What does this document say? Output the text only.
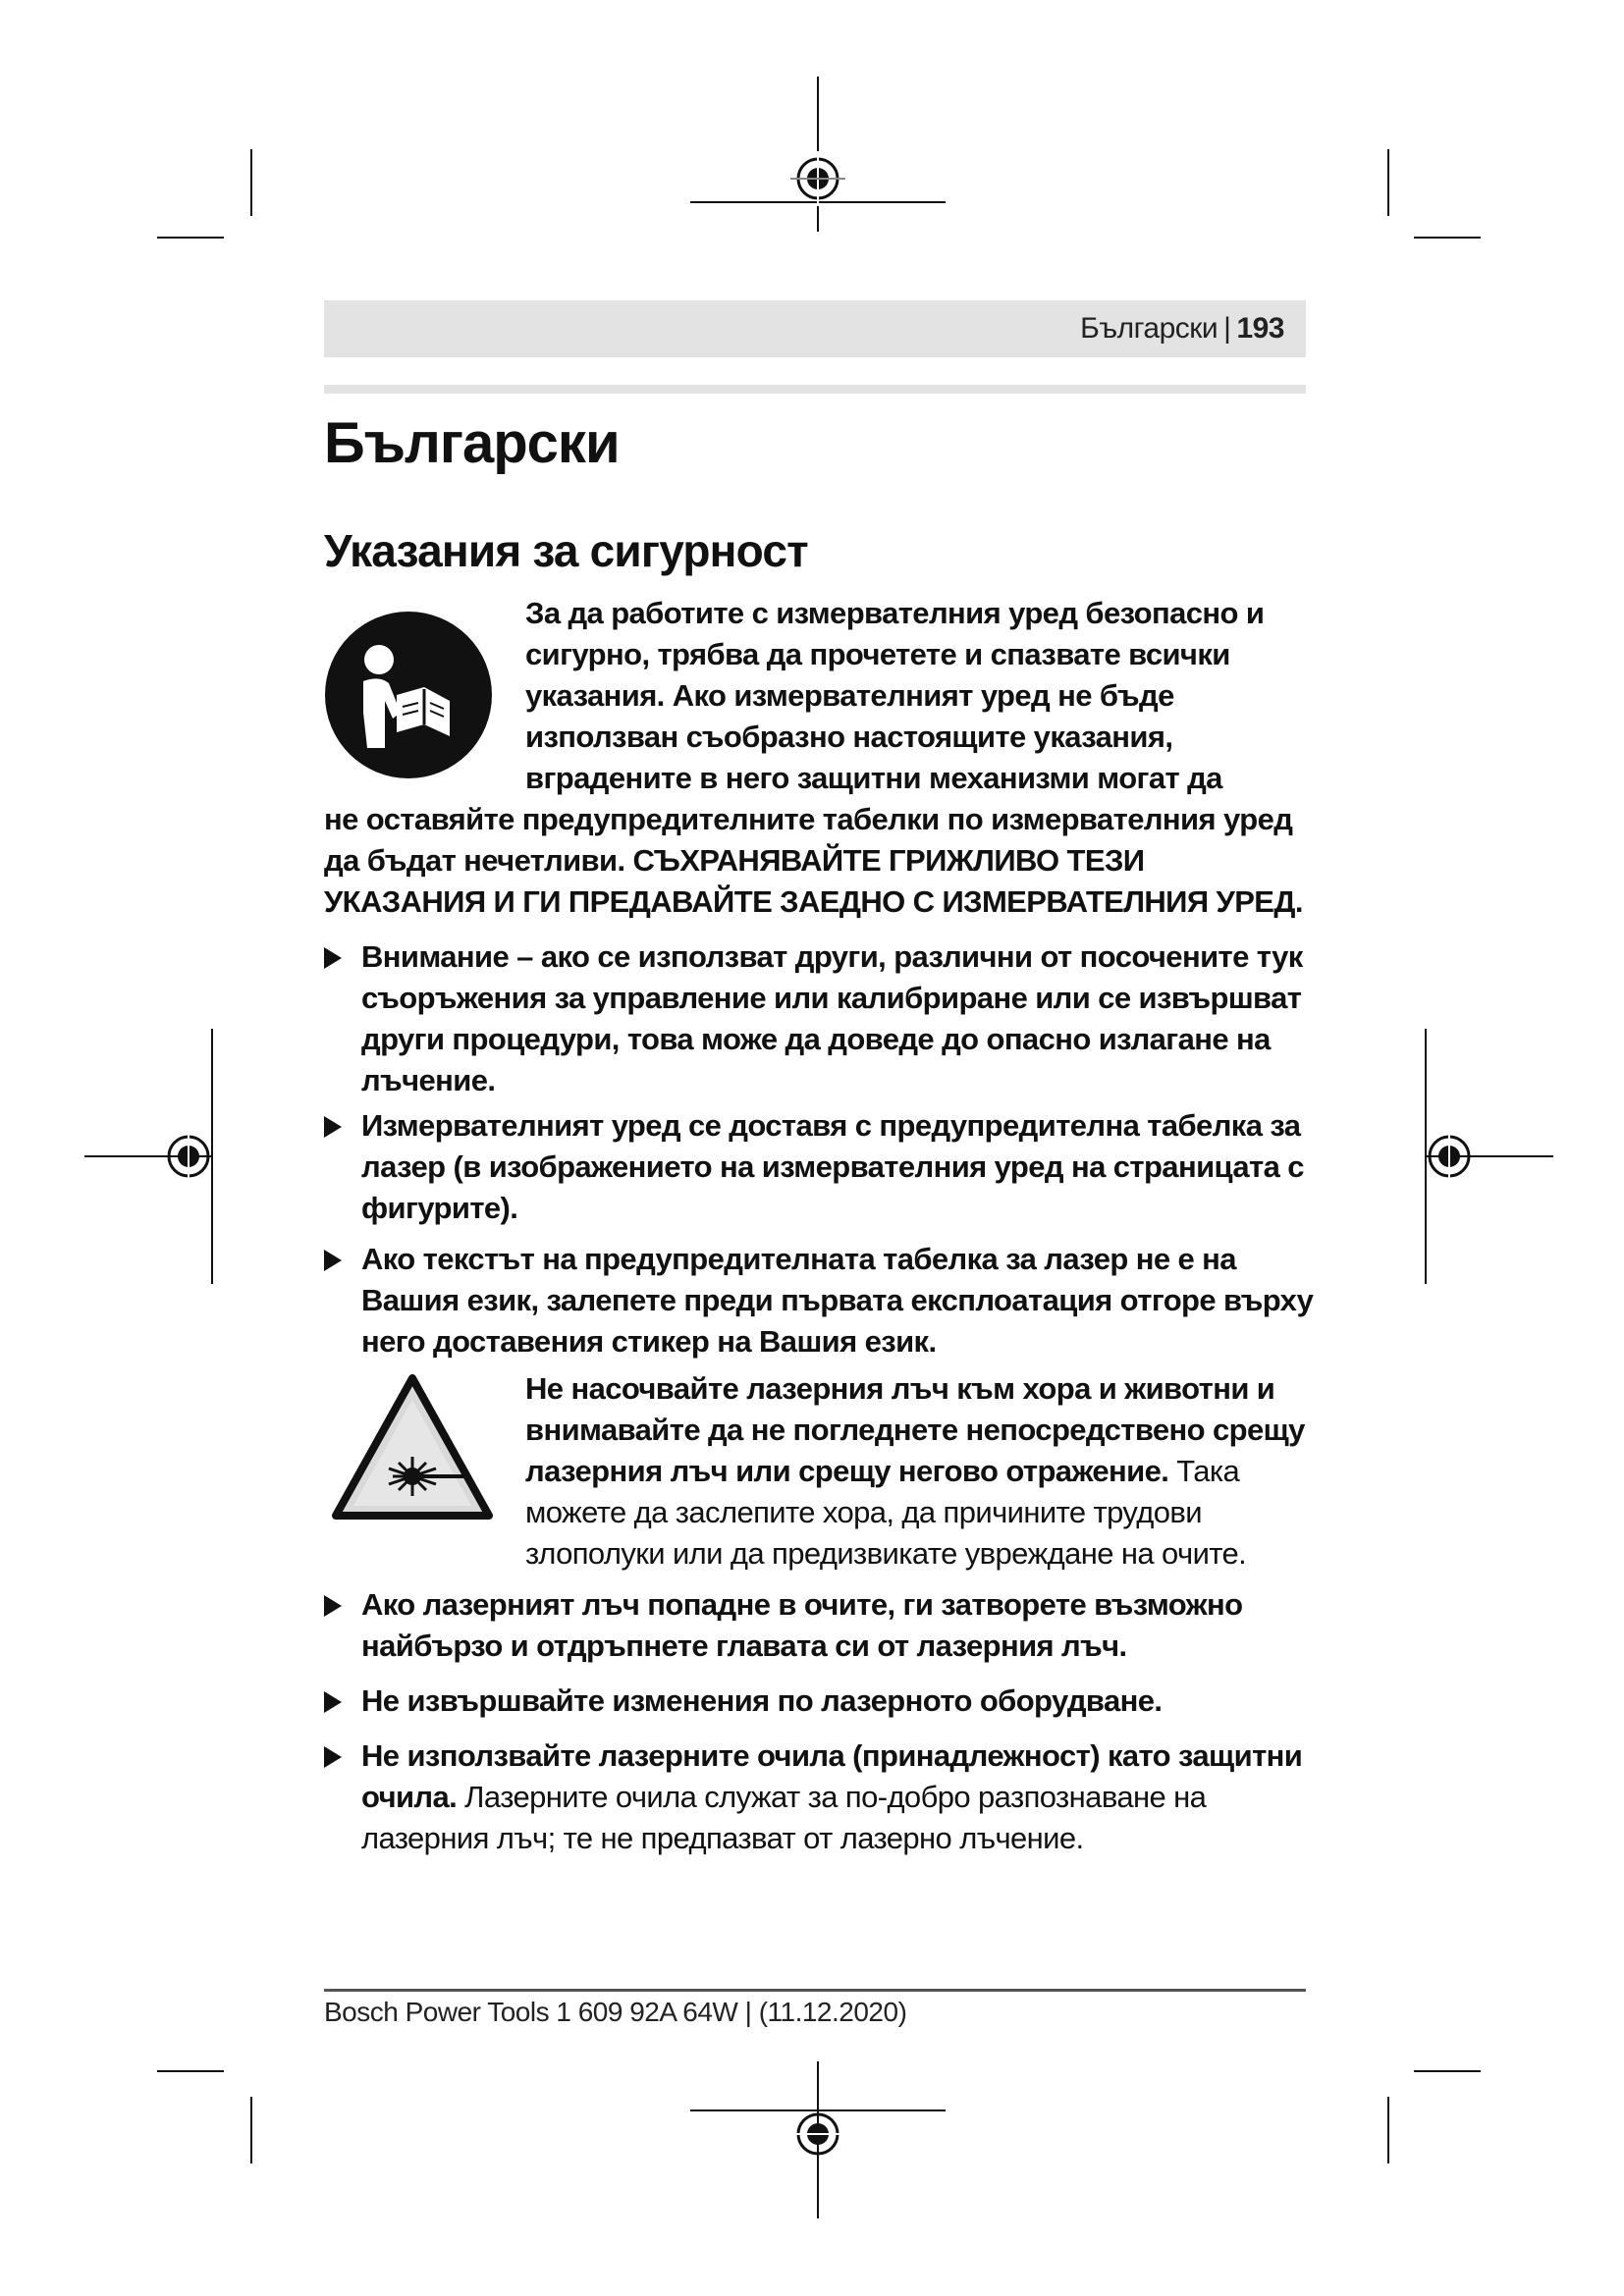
Български | 193
Български
Указания за сигурност
За да работите с измервателния уред безопасно и сигурно, трябва да прочетете и спазвате всички указания. Ако измервателният уред не бъде използван съобразно настоящите указания, вградените в него защитни механизми могат да
не оставяйте предупредителните табелки по измервателния уред да бъдат нечетливи. СЪХРАНЯВАЙТЕ ГРИЖЛИВО ТЕЗИ УКАЗАНИЯ И ГИ ПРЕДАВАЙТЕ ЗАЕДНО С ИЗМЕРВАТЕЛНИЯ УРЕД.
Внимание – ако се използват други, различни от посочените тук съоръжения за управление или калибриране или се извършват други процедури, това може да доведе до опасно излагане на лъчение.
Измервателният уред се доставя с предупредителна табелка за лазер (в изображението на измервателния уред на страницата с фигурите).
Ако текстът на предупредителната табелка за лазер не е на Вашия език, залепете преди първата експлоатация отгоре върху него доставения стикер на Вашия език.
Не насочвайте лазерния лъч към хора и животни и внимавайте да не погледнете непосредствено срещу лазерния лъч или срещу негово отражение. Така можете да заслепите хора, да причините трудови злополуки или да предизвикате увреждане на очите.
Ако лазерният лъч попадне в очите, ги затворете възможно найбързо и отдръпнете главата си от лазерния лъч.
Не извършвайте изменения по лазерното оборудване.
Не използвайте лазерните очила (принадлежност) като защитни очила. Лазерните очила служат за по-добро разпознаване на лазерния лъч; те не предпазват от лазерно лъчение.
Bosch Power Tools 1 609 92A 64W | (11.12.2020)
